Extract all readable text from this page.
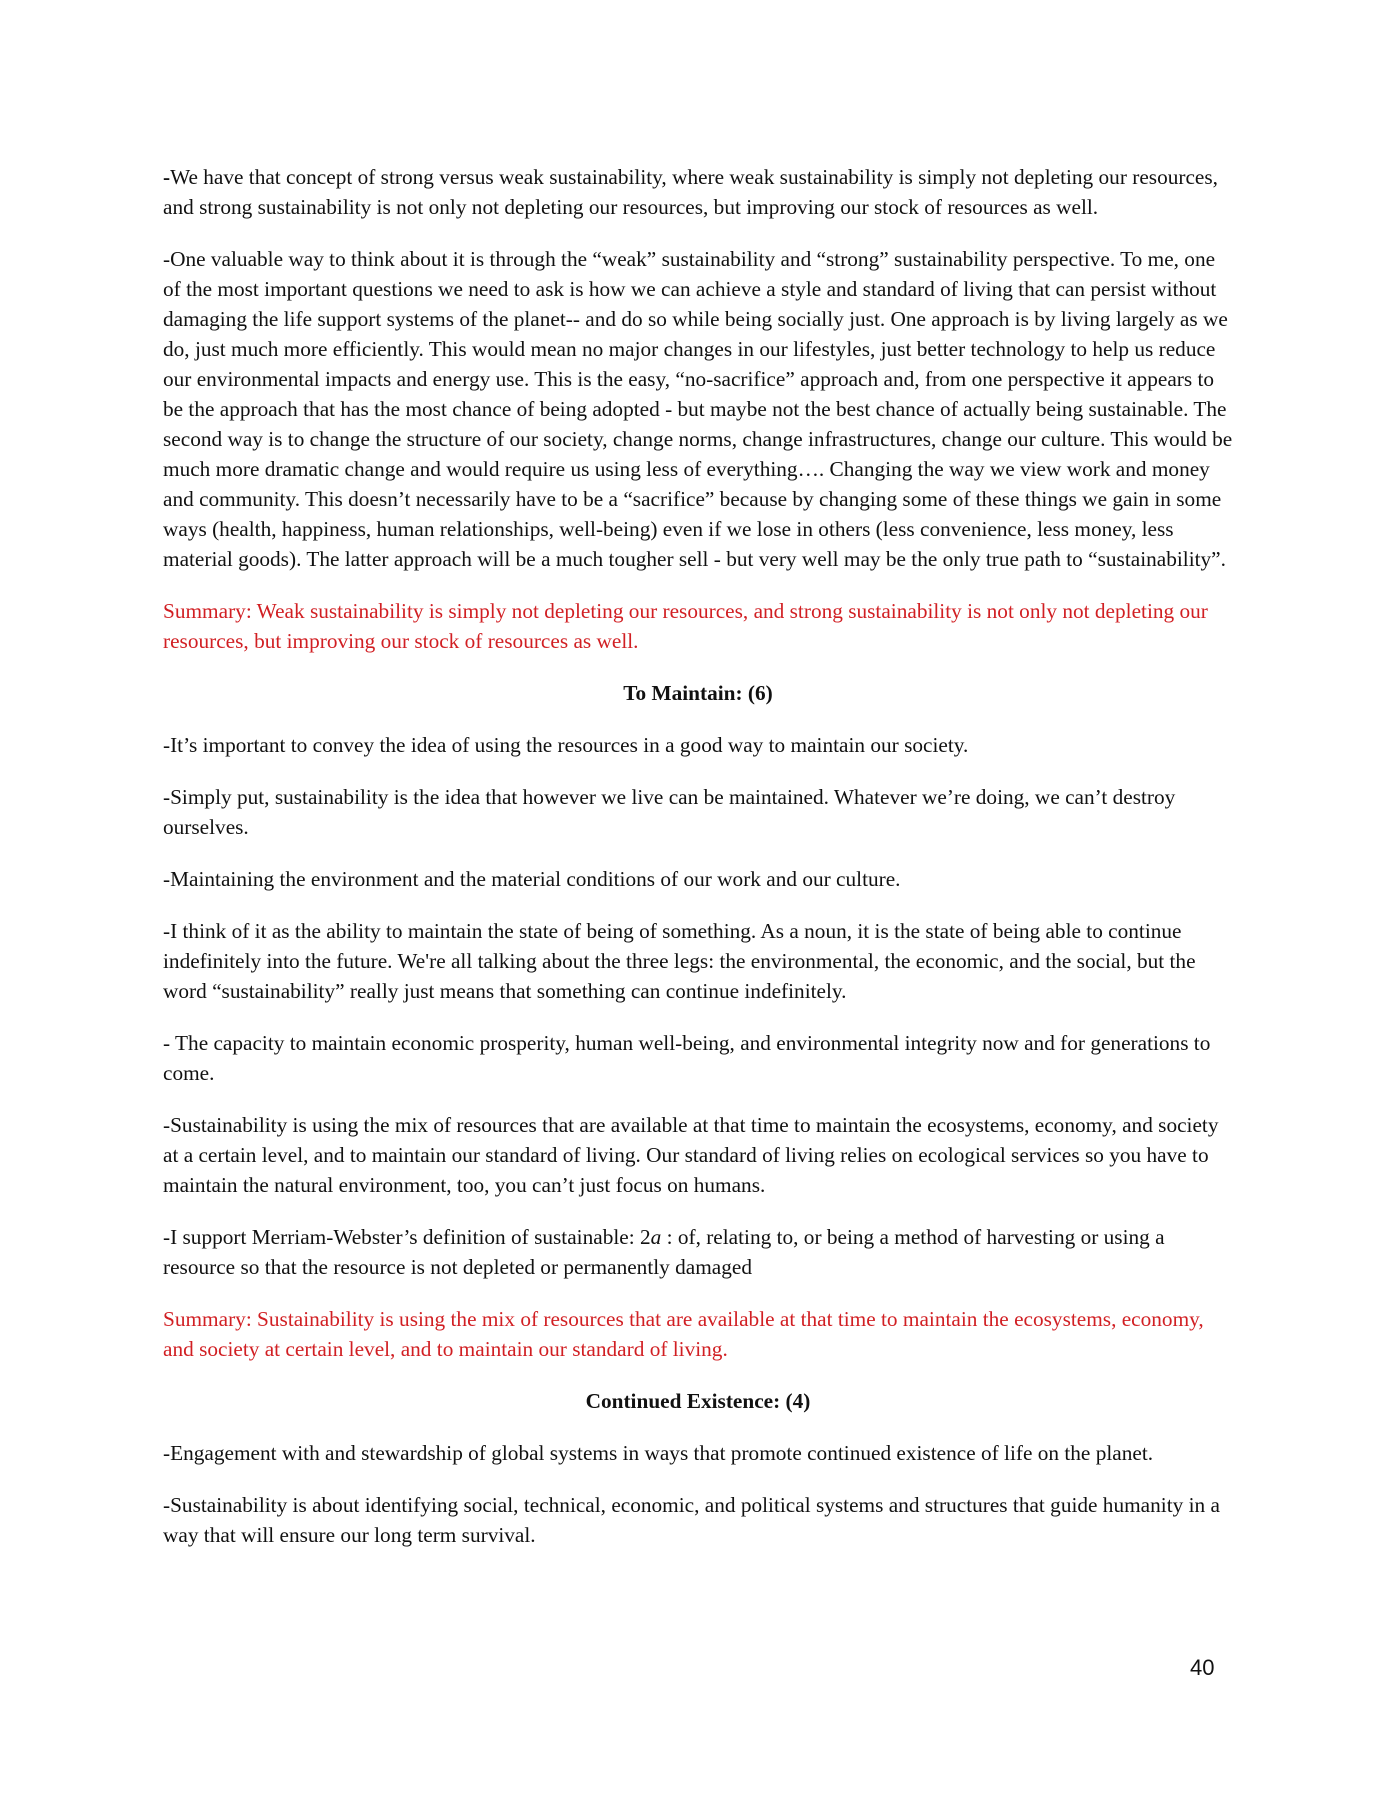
-We have that concept of strong versus weak sustainability, where weak sustainability is simply not depleting our resources, and strong sustainability is not only not depleting our resources, but improving our stock of resources as well.

-One valuable way to think about it is through the “weak” sustainability and “strong” sustainability perspective. To me, one of the most important questions we need to ask is how we can achieve a style and standard of living that can persist without damaging the life support systems of the planet-- and do so while being socially just. One approach is by living largely as we do, just much more efficiently. This would mean no major changes in our lifestyles, just better technology to help us reduce our environmental impacts and energy use. This is the easy, “no-sacrifice” approach and, from one perspective it appears to be the approach that has the most chance of being adopted - but maybe not the best chance of actually being sustainable. The second way is to change the structure of our society, change norms, change infrastructures, change our culture. This would be much more dramatic change and would require us using less of everything…. Changing the way we view work and money and community. This doesn’t necessarily have to be a “sacrifice” because by changing some of these things we gain in some ways (health, happiness, human relationships, well-being) even if we lose in others (less convenience, less money, less material goods). The latter approach will be a much tougher sell - but very well may be the only true path to “sustainability”.

Summary: Weak sustainability is simply not depleting our resources, and strong sustainability is not only not depleting our resources, but improving our stock of resources as well.

To Maintain: (6)

-It’s important to convey the idea of using the resources in a good way to maintain our society.

-Simply put, sustainability is the idea that however we live can be maintained. Whatever we’re doing, we can’t destroy ourselves.

-Maintaining the environment and the material conditions of our work and our culture.

-I think of it as the ability to maintain the state of being of something. As a noun, it is the state of being able to continue indefinitely into the future. We're all talking about the three legs: the environmental, the economic, and the social, but the word “sustainability” really just means that something can continue indefinitely.

- The capacity to maintain economic prosperity, human well-being, and environmental integrity now and for generations to come.

-Sustainability is using the mix of resources that are available at that time to maintain the ecosystems, economy, and society at a certain level, and to maintain our standard of living. Our standard of living relies on ecological services so you have to maintain the natural environment, too, you can’t just focus on humans.

-I support Merriam-Webster’s definition of sustainable: 2a : of, relating to, or being a method of harvesting or using a resource so that the resource is not depleted or permanently damaged

Summary: Sustainability is using the mix of resources that are available at that time to maintain the ecosystems, economy, and society at certain level, and to maintain our standard of living.

Continued Existence: (4)

-Engagement with and stewardship of global systems in ways that promote continued existence of life on the planet.

-Sustainability is about identifying social, technical, economic, and political systems and structures that guide humanity in a way that will ensure our long term survival.

40
